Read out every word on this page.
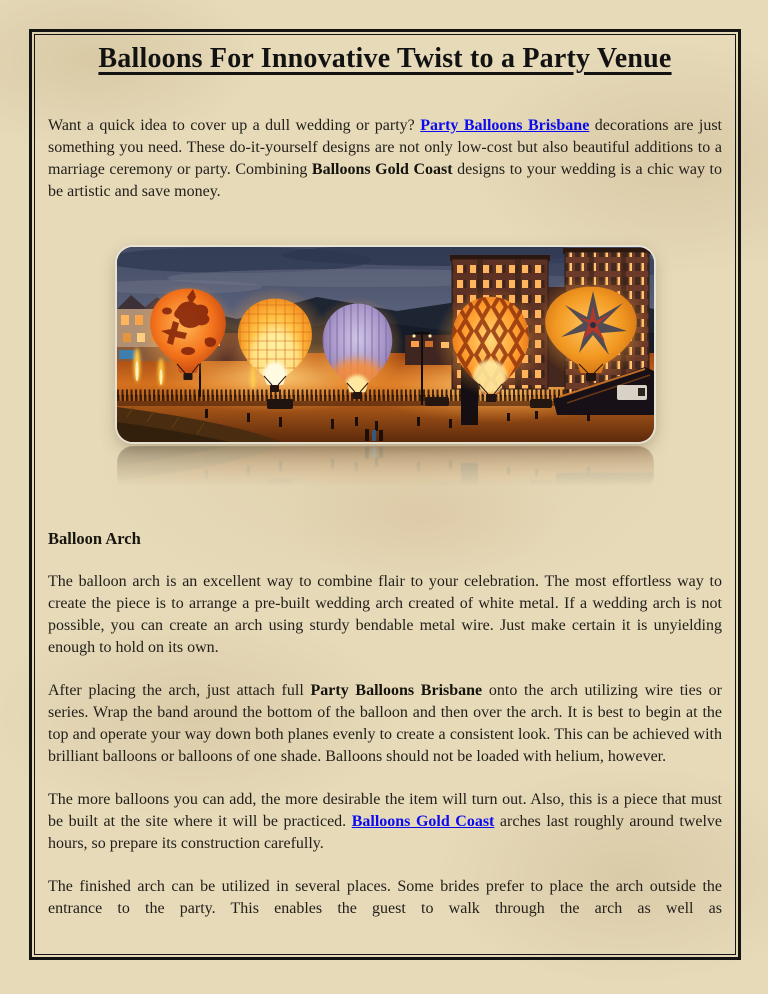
Balloons For Innovative Twist to a Party Venue

Want a quick idea to cover up a dull wedding or party? Party Balloons Brisbane decorations are just something you need. These do-it-yourself designs are not only low-cost but also beautiful additions to a marriage ceremony or party. Combining Balloons Gold Coast designs to your wedding is a chic way to be artistic and save money.

Balloon Arch

The balloon arch is an excellent way to combine flair to your celebration. The most effortless way to create the piece is to arrange a pre-built wedding arch created of white metal. If a wedding arch is not possible, you can create an arch using sturdy bendable metal wire. Just make certain it is unyielding enough to hold on its own.

After placing the arch, just attach full Party Balloons Brisbane onto the arch utilizing wire ties or series. Wrap the band around the bottom of the balloon and then over the arch. It is best to begin at the top and operate your way down both planes evenly to create a consistent look. This can be achieved with brilliant balloons or balloons of one shade. Balloons should not be loaded with helium, however.

The more balloons you can add, the more desirable the item will turn out. Also, this is a piece that must be built at the site where it will be practiced. Balloons Gold Coast arches last roughly around twelve hours, so prepare its construction carefully.

The finished arch can be utilized in several places. Some brides prefer to place the arch outside the entrance to the party. This enables the guest to walk through the arch as well as
